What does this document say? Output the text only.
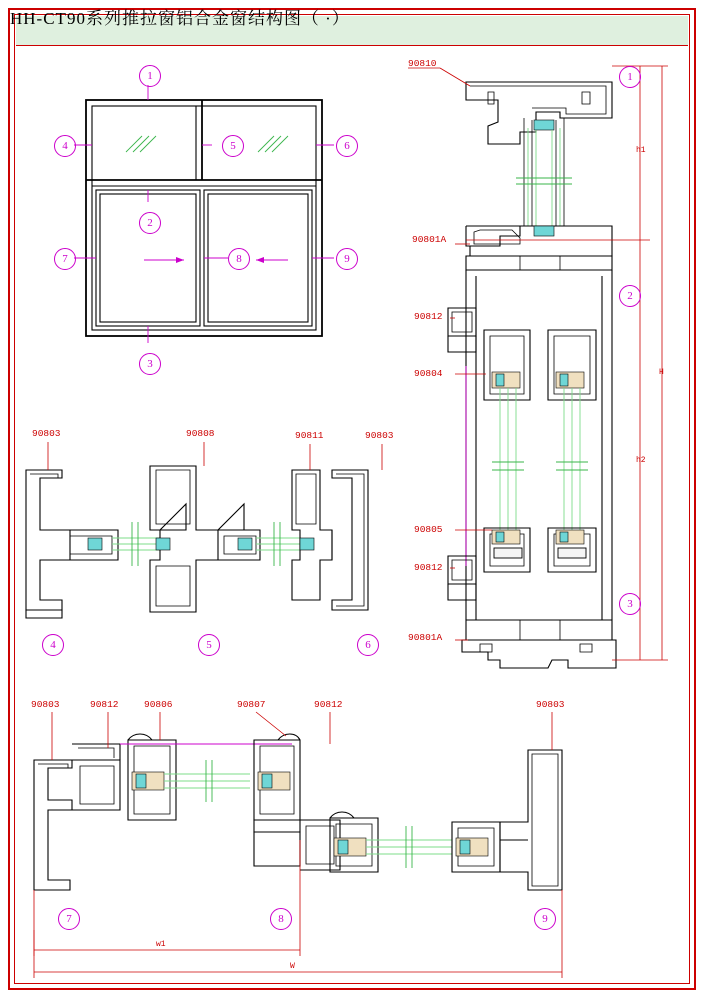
HH-CT90系列推拉窗铝合金窗结构图（ ·）
90810
90801A
90812
90804
90805
90812
90801A
90803	90808	90811	90803
90803	90812	90806	90807	90812	90803
h1
h2
H
w1
W
1
2
3
4	5	6
7	8	9
4	5	6
7	8	9
1
2
3
